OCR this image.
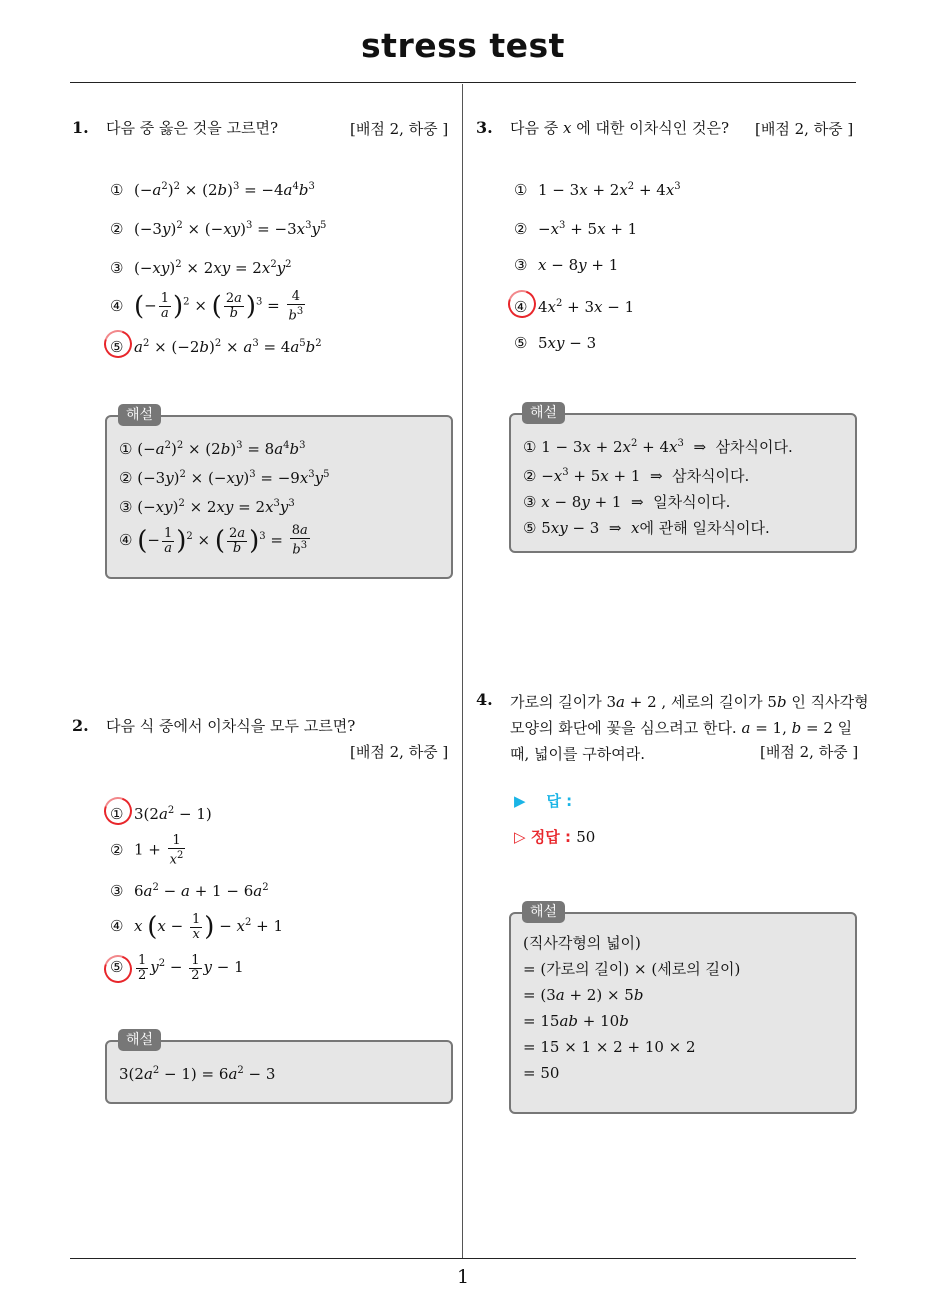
stress test
1. 다음 중 옳은 것을 고르면?	[배점 2, 하중 ]
① $(-a^2)^2 \times (2b)^3 = -4a^4b^3$
② $(-3y)^2 \times (-xy)^3 = -3x^3y^5$
③ $(-xy)^2 \times 2xy = 2x^2y^2$
④ (− $\frac{1}{a} )^2$ × ( $\frac{2a}{b} )^3 = \frac{4}{b^3}$
⑤ $a^2 \times (-2b)^2 \times a^3 = 4a^5b^2$
① $(-a^2)^2 \times (2b)^3 = 8a^4b^3$
② $(-3y)^2 \times (-xy)^3 = -9x^3y^5$
③ $(-xy)^2 \times 2xy = 2x^3y^3$
④ (− $\frac{1}{a} )^2$ × ( $\frac{2a}{b} )^3 = \frac{8a}{b^3}$
해설
2. 다음 식 중에서 이차식을 모두 고르면?
[배점 2, 하중 ]
① $3(2a^2 - 1)$
② $1 + \frac{1}{x^2}$
③ $6a^2 - a + 1 - 6a^2$
④ x ($x - \frac{1}{x}$ ) − $x^2 + 1$
⑤ $\frac{1}{2} y^2 - \frac{1}{2}$ y − 1
$3(2a^2 - 1) = 6a^2 - 3$
해설
3. 다음 중 x 에 대한 이차식인 것은? [배점 2, 하중 ]
① $1 - 3x + 2x^2 + 4x^3$
② $-x^3 + 5x + 1$
③ x − 8y + 1
④ $4x^2 + 3x - 1$
⑤ 5xy − 3
① $1 - 3x + 2x^2 + 4x^3$ ⇒ 삼차식이다.
② $-x^3 + 5x + 1$  ⇒ 삼차식이다.
③ x − 8y + 1  ⇒ 일차식이다.
⑤ 5xy − 3  ⇒ x에 관해 일차식이다.
해설
4. 가로의 길이가 3a + 2 , 세로의 길이가 5b 인 직사각형
모양의 화단에 꽃을 심으려고 한다. a = 1, b = 2 일
때, 넓이를 구하여라.	[배점 2, 하중 ]
▶ 답 :
▷ 정답 : 50
(직사각형의 넓이)
= (가로의 길이) × (세로의 길이)
= (3a + 2) × 5b
= 15ab + 10b
= 15 × 1 × 2 + 10 × 2
= 50
해설
1
